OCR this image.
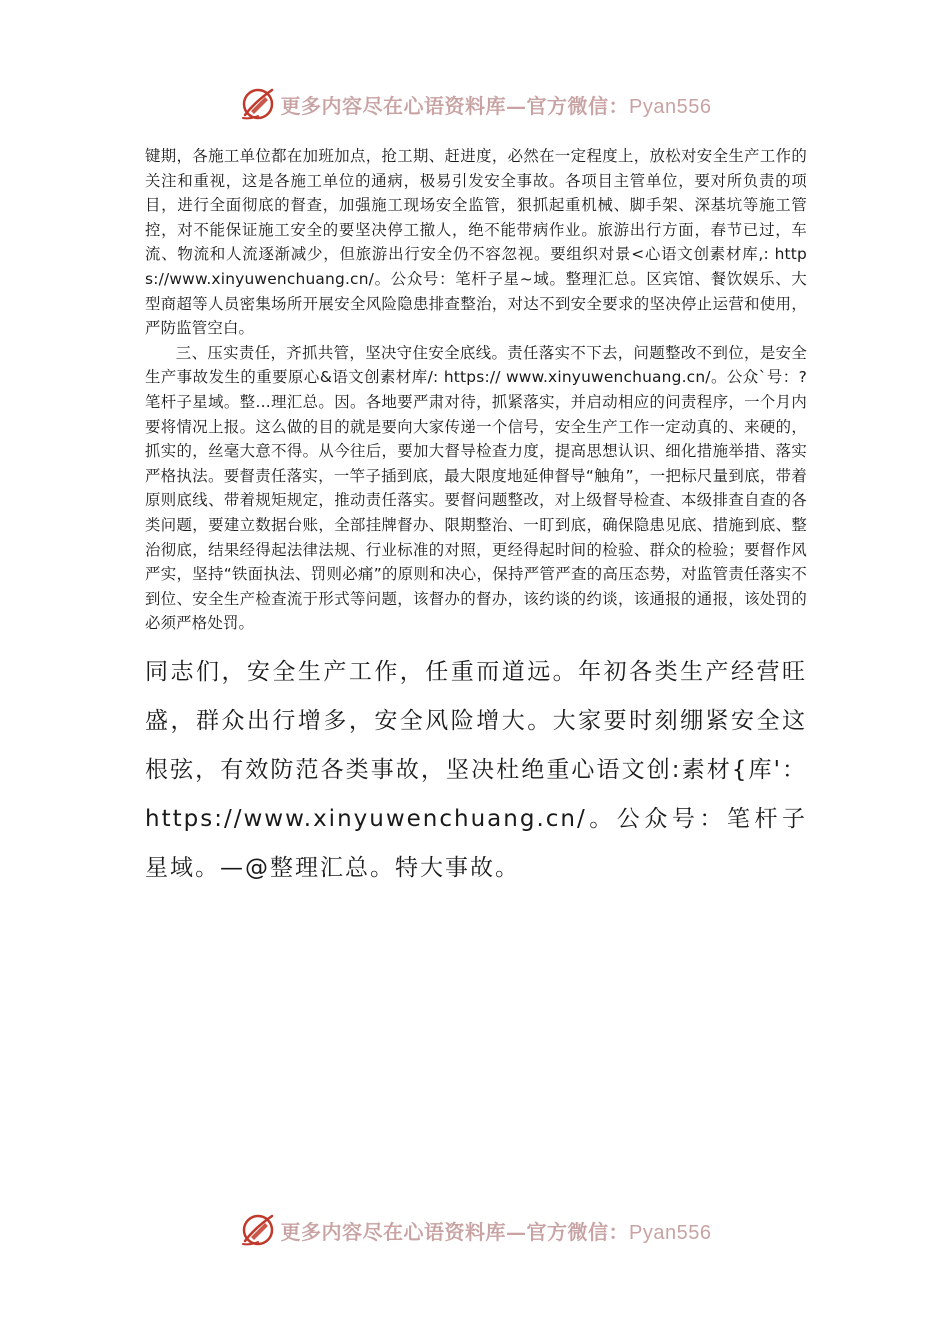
更多内容尽在心语资料库—官方微信：Pyan556

键期，各施工单位都在加班加点，抢工期、赶进度，必然在一定程度上，放松对安全生产工作的关注和重视，这是各施工单位的通病，极易引发安全事故。各项目主管单位，要对所负责的项目，进行全面彻底的督查，加强施工现场安全监管，狠抓起重机械、脚手架、深基坑等施工管控，对不能保证施工安全的要坚决停工撤人，绝不能带病作业。旅游出行方面，春节已过，车流、物流和人流逐渐减少，但旅游出行安全仍不容忽视。要组织对景<心语文创素材库,: https://www.xinyuwenchuang.cn/。公众号：笔杆子星~域。整理汇总。区宾馆、餐饮娱乐、大型商超等人员密集场所开展安全风险隐患排查整治，对达不到安全要求的坚决停止运营和使用，严防监管空白。

三、压实责任，齐抓共管，坚决守住安全底线。责任落实不下去，问题整改不到位，是安全生产事故发生的重要原心&语文创素材库/: https:// www.xinyuwenchuang.cn/。公众`号：?笔杆子星域。整…理汇总。因。各地要严肃对待，抓紧落实，并启动相应的问责程序，一个月内要将情况上报。这么做的目的就是要向大家传递一个信号，安全生产工作一定动真的、来硬的，抓实的，丝毫大意不得。从今往后，要加大督导检查力度，提高思想认识、细化措施举措、落实严格执法。要督责任落实，一竿子插到底，最大限度地延伸督导“触角”，一把标尺量到底，带着原则底线、带着规矩规定，推动责任落实。要督问题整改，对上级督导检查、本级排查自查的各类问题，要建立数据台账，全部挂牌督办、限期整治、一盯到底，确保隐患见底、措施到底、整治彻底，结果经得起法律法规、行业标准的对照，更经得起时间的检验、群众的检验；要督作风严实，坚持“铁面执法、罚则必痛”的原则和决心，保持严管严查的高压态势，对监管责任落实不到位、安全生产检查流于形式等问题，该督办的督办，该约谈的约谈，该通报的通报，该处罚的必须严格处罚。

同志们，安全生产工作，任重而道远。年初各类生产经营旺盛，群众出行增多，安全风险增大。大家要时刻绷紧安全这根弦，有效防范各类事故，坚决杜绝重心语文创:素材{库'：https://www.xinyuwenchuang.cn/。公众号：笔杆子星域。—@整理汇总。特大事故。

更多内容尽在心语资料库—官方微信：Pyan556
